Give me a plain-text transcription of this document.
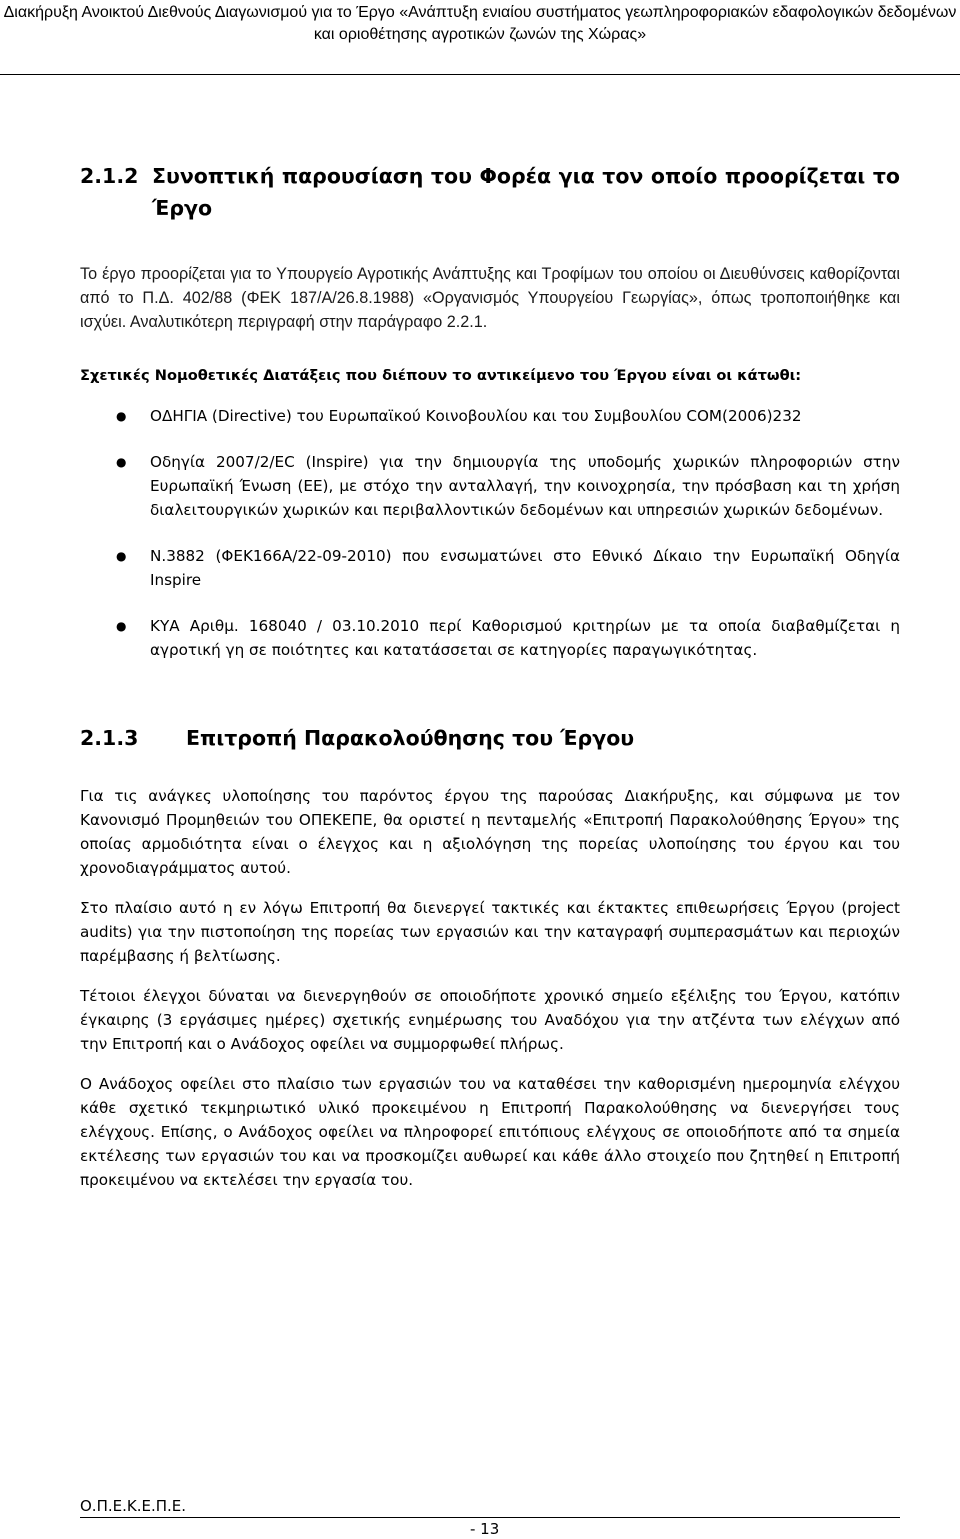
Διακήρυξη Ανοικτού Διεθνούς Διαγωνισμού για το Έργο «Ανάπτυξη ενιαίου συστήματος γεωπληροφοριακών εδαφολογικών δεδομένων
και οριοθέτησης αγροτικών ζωνών της Χώρας»
2.1.2 Συνοπτική παρουσίαση του Φορέα για τον οποίο προορίζεται το Έργο

Το έργο προορίζεται για το Υπουργείο Αγροτικής Ανάπτυξης και Τροφίμων του οποίου οι Διευθύνσεις καθορίζονται από το Π.Δ. 402/88 (ΦΕΚ 187/Α/26.8.1988) «Οργανισμός Υπουργείου Γεωργίας», όπως τροποποιήθηκε και ισχύει. Αναλυτικότερη περιγραφή στην παράγραφο 2.2.1.

Σχετικές Νομοθετικές Διατάξεις που διέπουν το αντικείμενο του Έργου είναι οι κάτωθι:

● ΟΔΗΓΙΑ (Directive) του Ευρωπαϊκού Κοινοβουλίου και του Συμβουλίου COM(2006)232
● Οδηγία 2007/2/EC (Inspire) για την δημιουργία της υποδομής χωρικών πληροφοριών στην Ευρωπαϊκή Ένωση (ΕΕ), με στόχο την ανταλλαγή, την κοινοχρησία, την πρόσβαση και τη χρήση διαλειτουργικών χωρικών και περιβαλλοντικών δεδομένων και υπηρεσιών χωρικών δεδομένων.
● Ν.3882 (ΦΕΚ166Α/22-09-2010) που ενσωματώνει στο Εθνικό Δίκαιο την Ευρωπαϊκή Οδηγία Inspire
● ΚΥΑ Αριθμ. 168040 / 03.10.2010 περί Καθορισμού κριτηρίων με τα οποία διαβαθμίζεται η αγροτική γη σε ποιότητες και κατατάσσεται σε κατηγορίες παραγωγικότητας.
2.1.3	Επιτροπή Παρακολούθησης του Έργου

Για τις ανάγκες υλοποίησης του παρόντος έργου της παρούσας Διακήρυξης, και σύμφωνα με τον Κανονισμό Προμηθειών του ΟΠΕΚΕΠΕ, θα οριστεί η πενταμελής «Επιτροπή Παρακολούθησης Έργου» της οποίας αρμοδιότητα είναι ο έλεγχος και η αξιολόγηση της πορείας υλοποίησης του έργου και του χρονοδιαγράμματος αυτού.

Στο πλαίσιο αυτό η εν λόγω Επιτροπή θα διενεργεί τακτικές και έκτακτες επιθεωρήσεις Έργου (project audits) για την πιστοποίηση της πορείας των εργασιών και την καταγραφή συμπερασμάτων και περιοχών παρέμβασης ή βελτίωσης.

Τέτοιοι έλεγχοι δύναται να διενεργηθούν σε οποιοδήποτε χρονικό σημείο εξέλιξης του Έργου, κατόπιν έγκαιρης (3 εργάσιμες ημέρες) σχετικής ενημέρωσης του Αναδόχου για την ατζέντα των ελέγχων από την Επιτροπή και ο Ανάδοχος οφείλει να συμμορφωθεί πλήρως.

Ο Ανάδοχος οφείλει στο πλαίσιο των εργασιών του να καταθέσει την καθορισμένη ημερομηνία ελέγχου κάθε σχετικό τεκμηριωτικό υλικό προκειμένου η Επιτροπή Παρακολούθησης να διενεργήσει τους ελέγχους. Επίσης, ο Ανάδοχος οφείλει να πληροφορεί επιτόπιους ελέγχους σε οποιοδήποτε από τα σημεία εκτέλεσης των εργασιών του και να προσκομίζει αυθωρεί και κάθε άλλο στοιχείο που ζητηθεί η Επιτροπή προκειμένου να εκτελέσει την εργασία του.

Ο.Π.Ε.Κ.Ε.Π.Ε.
- 13
